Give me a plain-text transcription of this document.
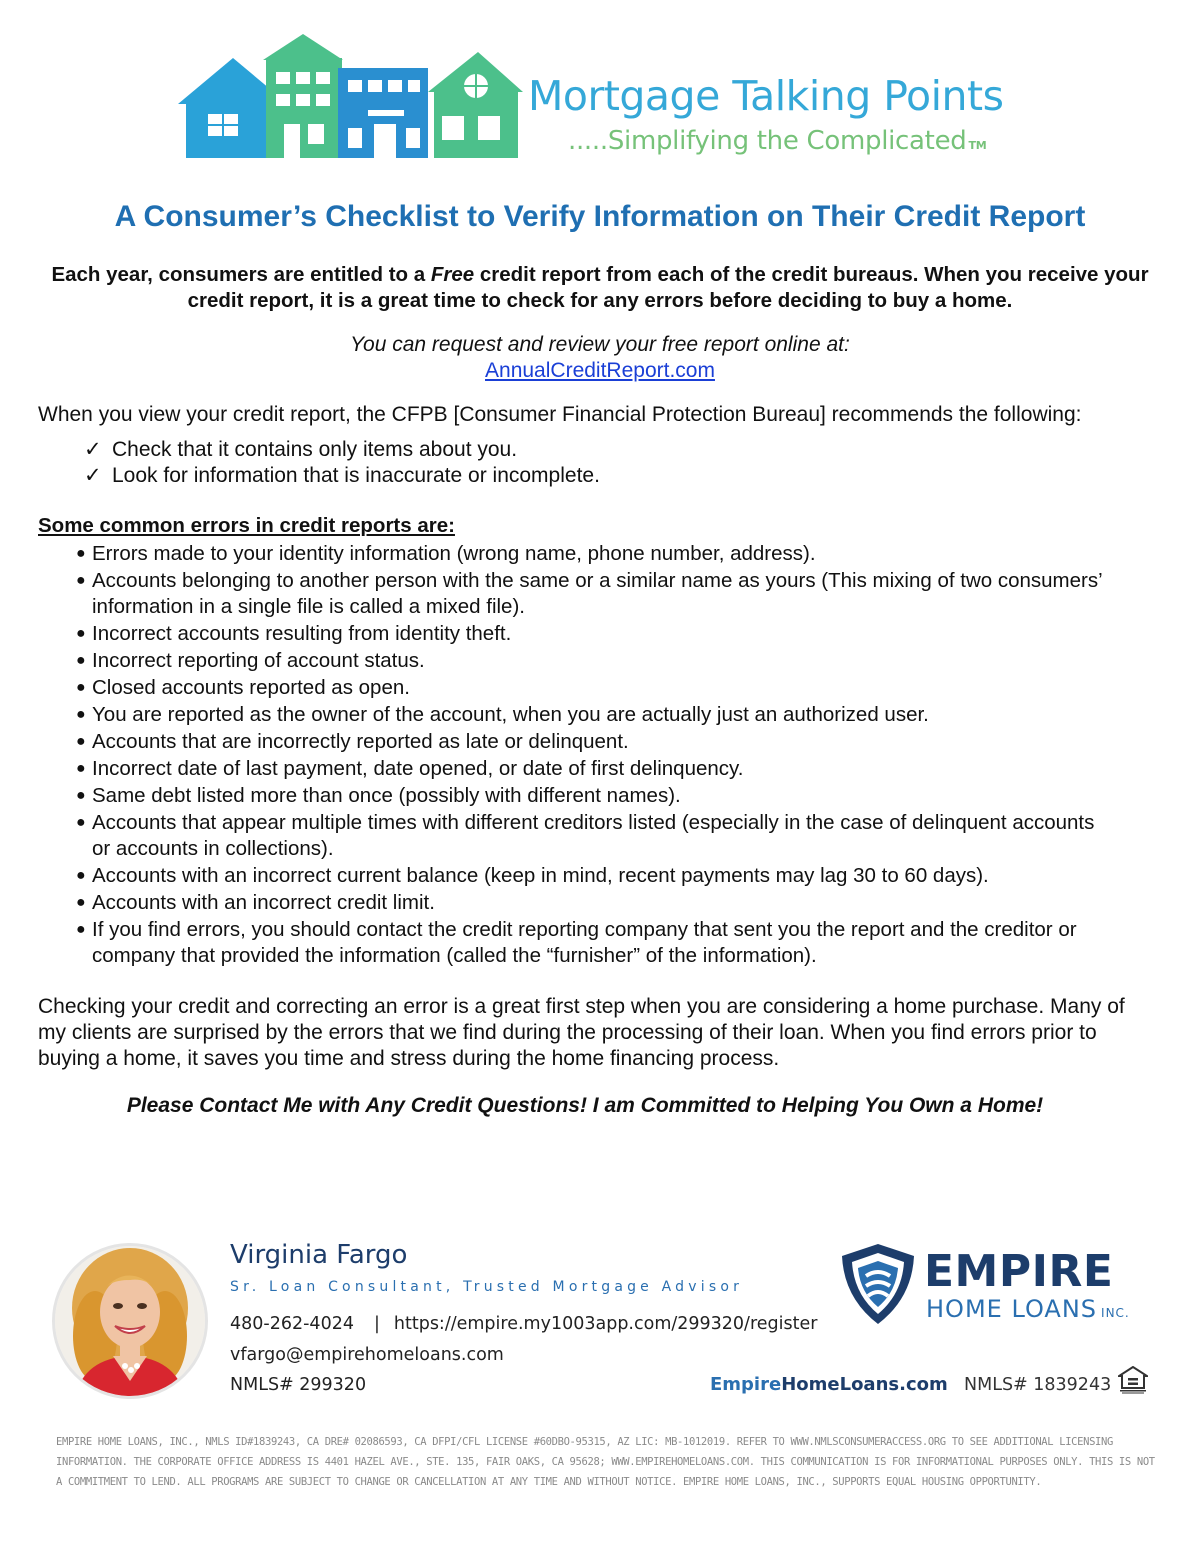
Mortgage Talking Points
.....Simplifying the Complicated TM
A Consumer’s Checklist to Verify Information on Their Credit Report

Each year, consumers are entitled to a Free credit report from each of the credit bureaus. When you receive your credit report, it is a great time to check for any errors before deciding to buy a home.

You can request and review your free report online at:

AnnualCreditReport.com

When you view your credit report, the CFPB [Consumer Financial Protection Bureau] recommends the following:

✓ Check that it contains only items about you.
✓ Look for information that is inaccurate or incomplete.
Some common errors in credit reports are:
● Errors made to your identity information (wrong name, phone number, address).
● Accounts belonging to another person with the same or a similar name as yours (This mixing of two consumers’ information in a single file is called a mixed file).
● Incorrect accounts resulting from identity theft.
● Incorrect reporting of account status.
● Closed accounts reported as open.
● You are reported as the owner of the account, when you are actually just an authorized user.
● Accounts that are incorrectly reported as late or delinquent.
● Incorrect date of last payment, date opened, or date of first delinquency.
● Same debt listed more than once (possibly with different names).
● Accounts that appear multiple times with different creditors listed (especially in the case of delinquent accounts or accounts in collections).
● Accounts with an incorrect current balance (keep in mind, recent payments may lag 30 to 60 days).
● Accounts with an incorrect credit limit.
● If you find errors, you should contact the credit reporting company that sent you the report and the creditor or company that provided the information (called the “furnisher” of the information).

Checking your credit and correcting an error is a great first step when you are considering a home purchase. Many of my clients are surprised by the errors that we find during the processing of their loan. When you find errors prior to buying a home, it saves you time and stress during the home financing process.

Please Contact Me with Any Credit Questions! I am Committed to Helping You Own a Home!

Virginia Fargo
Sr. Loan Consultant, Trusted Mortgage Advisor
480-262-4024 | https://empire.my1003app.com/299320/register
vfargo@empirehomeloans.com
NMLS# 299320
EMPIRE
HOME LOANS INC.
EmpireHomeLoans.com NMLS# 1839243

EMPIRE HOME LOANS, INC., NMLS ID#1839243, CA DRE# 02086593, CA DFPI/CFL LICENSE #60DBO-95315, AZ LIC: MB-1012019. REFER TO WWW.NMLSCONSUMERACCESS.ORG TO SEE ADDITIONAL LICENSING INFORMATION. THE CORPORATE OFFICE ADDRESS IS 4401 HAZEL AVE., STE. 135, FAIR OAKS, CA 95628; WWW.EMPIREHOMELOANS.COM. THIS COMMUNICATION IS FOR INFORMATIONAL PURPOSES ONLY. THIS IS NOT A COMMITMENT TO LEND. ALL PROGRAMS ARE SUBJECT TO CHANGE OR CANCELLATION AT ANY TIME AND WITHOUT NOTICE. EMPIRE HOME LOANS, INC., SUPPORTS EQUAL HOUSING OPPORTUNITY.
